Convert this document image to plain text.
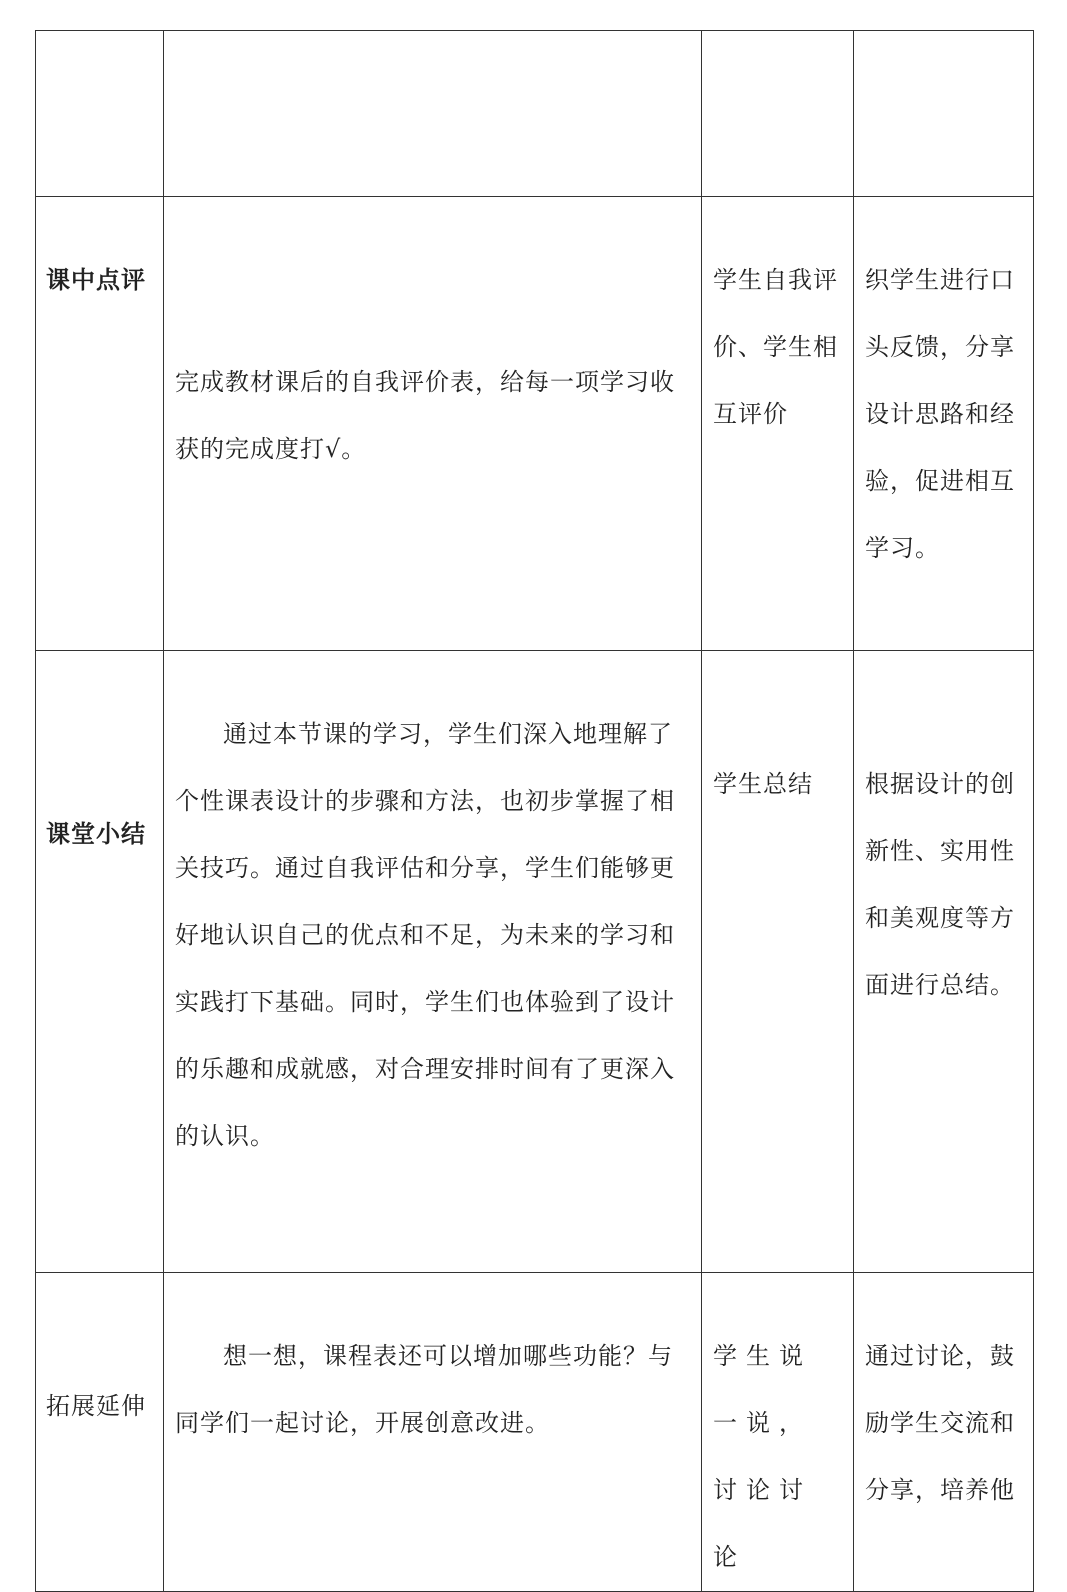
课中点评	完成教材课后的自我评价表，给每一项学习收获的完成度打√。	学生自我评价、学生相互评价	织学生进行口头反馈，分享设计思路和经验，促进相互学习。

课堂小结	通过本节课的学习，学生们深入地理解了个性课表设计的步骤和方法，也初步掌握了相关技巧。通过自我评估和分享，学生们能够更好地认识自己的优点和不足，为未来的学习和实践打下基础。同时，学生们也体验到了设计的乐趣和成就感，对合理安排时间有了更深入的认识。	学生总结	根据设计的创新性、实用性和美观度等方面进行总结。

拓展延伸	想一想，课程表还可以增加哪些功能？与同学们一起讨论，开展创意改进。	学生说一说，讨论讨论	通过讨论，鼓励学生交流和分享，培养他
